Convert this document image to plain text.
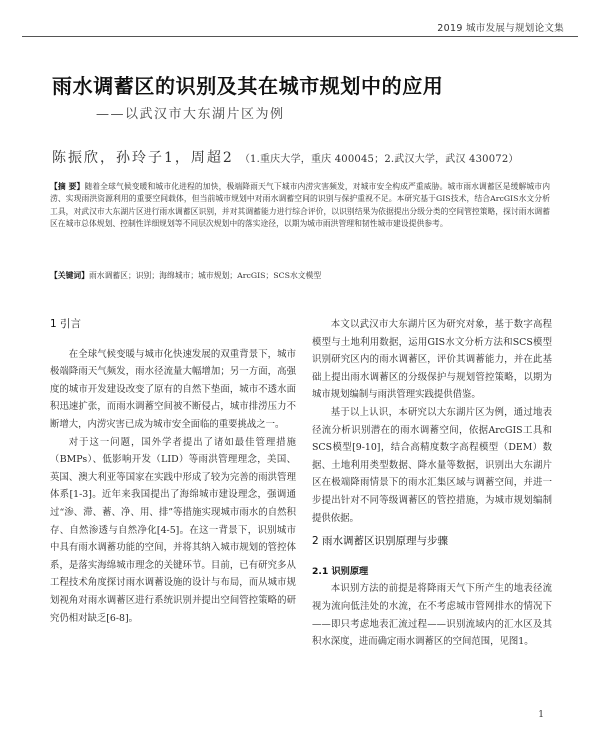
2019 城市发展与规划论文集
雨水调蓄区的识别及其在城市规划中的应用
——以武汉市大东湖片区为例
陈振欣，孙玲子1，周超2 （1.重庆大学，重庆 400045；2.武汉大学，武汉 430072）
【摘 要】随着全球气候变暖和城市化进程的加快，极端降雨天气下城市内涝灾害频发，对城市安全构成严重威胁。城市雨水调蓄区是缓解城市内涝、实现雨洪资源利用的重要空间载体，但当前城市规划中对雨水调蓄空间的识别与保护重视不足。本研究基于GIS技术，结合ArcGIS水文分析工具，对武汉市大东湖片区进行雨水调蓄区识别，并对其调蓄能力进行综合评价，以识别结果为依据提出分级分类的空间管控策略，探讨雨水调蓄区在城市总体规划、控制性详细规划等不同层次规划中的落实途径，以期为城市雨洪管理和韧性城市建设提供参考。
【关键词】雨水调蓄区；识别；海绵城市；城市规划；ArcGIS；SCS水文模型
1 引言

在全球气候变暖与城市化快速发展的双重背景下，城市极端降雨天气频发，雨水径流量大幅增加；另一方面，高强度的城市开发建设改变了原有的自然下垫面，城市不透水面积迅速扩张，而雨水调蓄空间被不断侵占，城市排涝压力不断增大，内涝灾害已成为城市安全面临的重要挑战之一。

对于这一问题，国外学者提出了诸如最佳管理措施（BMPs）、低影响开发（LID）等雨洪管理理念，美国、英国、澳大利亚等国家在实践中形成了较为完善的雨洪管理体系[1-3]。近年来我国提出了海绵城市建设理念，强调通过“渗、滞、蓄、净、用、排”等措施实现城市雨水的自然积存、自然渗透与自然净化[4-5]。在这一背景下，识别城市中具有雨水调蓄功能的空间，并将其纳入城市规划的管控体系，是落实海绵城市理念的关键环节。目前，已有研究多从工程技术角度探讨雨水调蓄设施的设计与布局，而从城市规划视角对雨水调蓄区进行系统识别并提出空间管控策略的研究仍相对缺乏[6-8]。

本文以武汉市大东湖片区为研究对象，基于数字高程模型与土地利用数据，运用GIS水文分析方法和SCS模型识别研究区内的雨水调蓄区，评价其调蓄能力，并在此基础上提出雨水调蓄区的分级保护与规划管控策略，以期为城市规划编制与雨洪管理实践提供借鉴。

基于以上认识，本研究以大东湖片区为例，通过地表径流分析识别潜在的雨水调蓄空间，依据ArcGIS工具和SCS模型[9-10]，结合高精度数字高程模型（DEM）数据、土地利用类型数据、降水量等数据，识别出大东湖片区在极端降雨情景下的雨水汇集区域与调蓄空间，并进一步提出针对不同等级调蓄区的管控措施，为城市规划编制提供依据。

2 雨水调蓄区识别原理与步骤
2.1 识别原理

本识别方法的前提是将降雨天气下所产生的地表径流视为流向低洼处的水流，在不考虑城市管网排水的情况下——即只考虑地表汇流过程——识别流域内的汇水区及其积水深度，进而确定雨水调蓄区的空间范围，见图1。

1
